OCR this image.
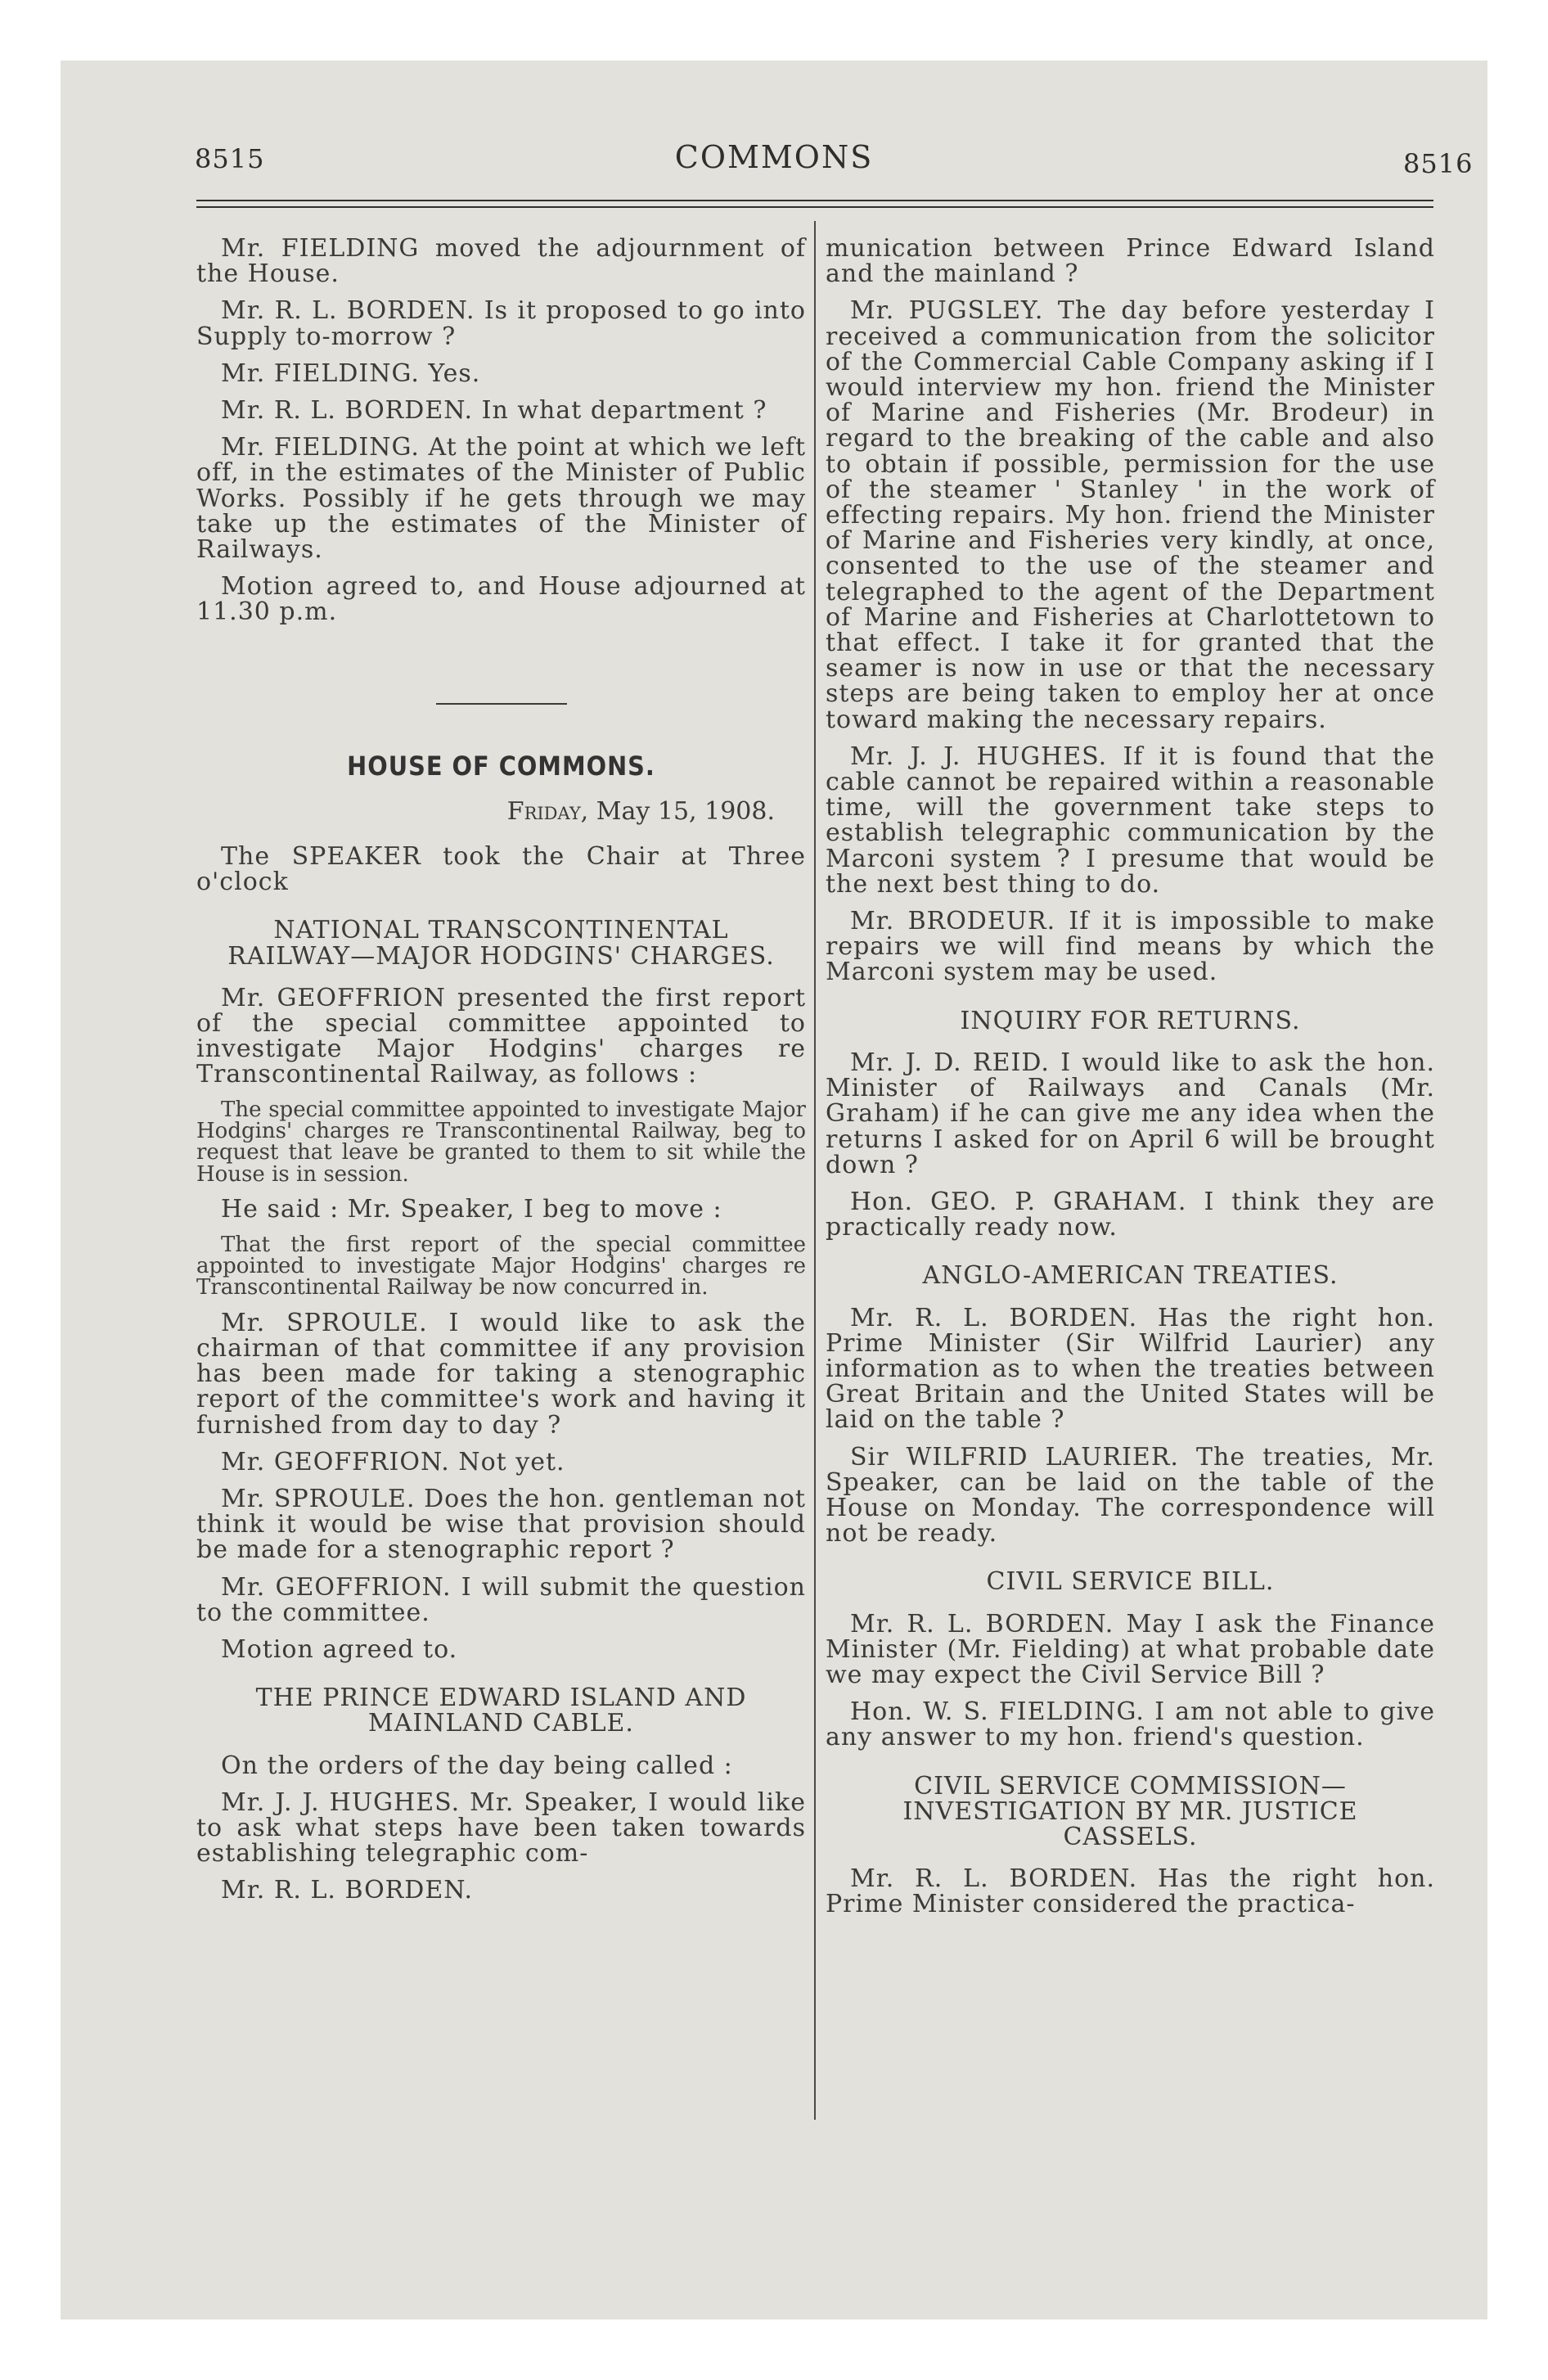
8515	COMMONS	8516

Mr. FIELDING moved the adjournment of the House.

Mr. R. L. BORDEN. Is it proposed to go into Supply to-morrow ?

Mr. FIELDING. Yes.

Mr. R. L. BORDEN. In what department ?

Mr. FIELDING. At the point at which we left off, in the estimates of the Minister of Public Works. Possibly if he gets through we may take up the estimates of the Minister of Railways.

Motion agreed to, and House adjourned at 11.30 p.m.

HOUSE OF COMMONS.
Friday, May 15, 1908.

The SPEAKER took the Chair at Three o'clock

NATIONAL TRANSCONTINENTAL RAILWAY—MAJOR HODGINS' CHARGES.

Mr. GEOFFRION presented the first report of the special committee appointed to investigate Major Hodgins' charges re Transcontinental Railway, as follows :

The special committee appointed to investigate Major Hodgins' charges re Transcontinental Railway, beg to request that leave be granted to them to sit while the House is in session.

He said : Mr. Speaker, I beg to move :

That the first report of the special committee appointed to investigate Major Hodgins' charges re Transcontinental Railway be now concurred in.

Mr. SPROULE. I would like to ask the chairman of that committee if any provision has been made for taking a stenographic report of the committee's work and having it furnished from day to day ?

Mr. GEOFFRION. Not yet.

Mr. SPROULE. Does the hon. gentleman not think it would be wise that provision should be made for a stenographic report ?

Mr. GEOFFRION. I will submit the question to the committee.

Motion agreed to.

THE PRINCE EDWARD ISLAND AND MAINLAND CABLE.

On the orders of the day being called :

Mr. J. J. HUGHES. Mr. Speaker, I would like to ask what steps have been taken towards establishing telegraphic com-

Mr. R. L. BORDEN.

munication between Prince Edward Island and the mainland ?

Mr. PUGSLEY. The day before yesterday I received a communication from the solicitor of the Commercial Cable Company asking if I would interview my hon. friend the Minister of Marine and Fisheries (Mr. Brodeur) in regard to the breaking of the cable and also to obtain if possible, permission for the use of the steamer ' Stanley ' in the work of effecting repairs. My hon. friend the Minister of Marine and Fisheries very kindly, at once, consented to the use of the steamer and telegraphed to the agent of the Department of Marine and Fisheries at Charlottetown to that effect. I take it for granted that the seamer is now in use or that the necessary steps are being taken to employ her at once toward making the necessary repairs.

Mr. J. J. HUGHES. If it is found that the cable cannot be repaired within a reasonable time, will the government take steps to establish telegraphic communication by the Marconi system ? I presume that would be the next best thing to do.

Mr. BRODEUR. If it is impossible to make repairs we will find means by which the Marconi system may be used.

INQUIRY FOR RETURNS.

Mr. J. D. REID. I would like to ask the hon. Minister of Railways and Canals (Mr. Graham) if he can give me any idea when the returns I asked for on April 6 will be brought down ?

Hon. GEO. P. GRAHAM. I think they are practically ready now.

ANGLO-AMERICAN TREATIES.

Mr. R. L. BORDEN. Has the right hon. Prime Minister (Sir Wilfrid Laurier) any information as to when the treaties between Great Britain and the United States will be laid on the table ?

Sir WILFRID LAURIER. The treaties, Mr. Speaker, can be laid on the table of the House on Monday. The correspondence will not be ready.

CIVIL SERVICE BILL.

Mr. R. L. BORDEN. May I ask the Finance Minister (Mr. Fielding) at what probable date we may expect the Civil Service Bill ?

Hon. W. S. FIELDING. I am not able to give any answer to my hon. friend's question.

CIVIL SERVICE COMMISSION—INVESTIGATION BY MR. JUSTICE CASSELS.

Mr. R. L. BORDEN. Has the right hon. Prime Minister considered the practica-
